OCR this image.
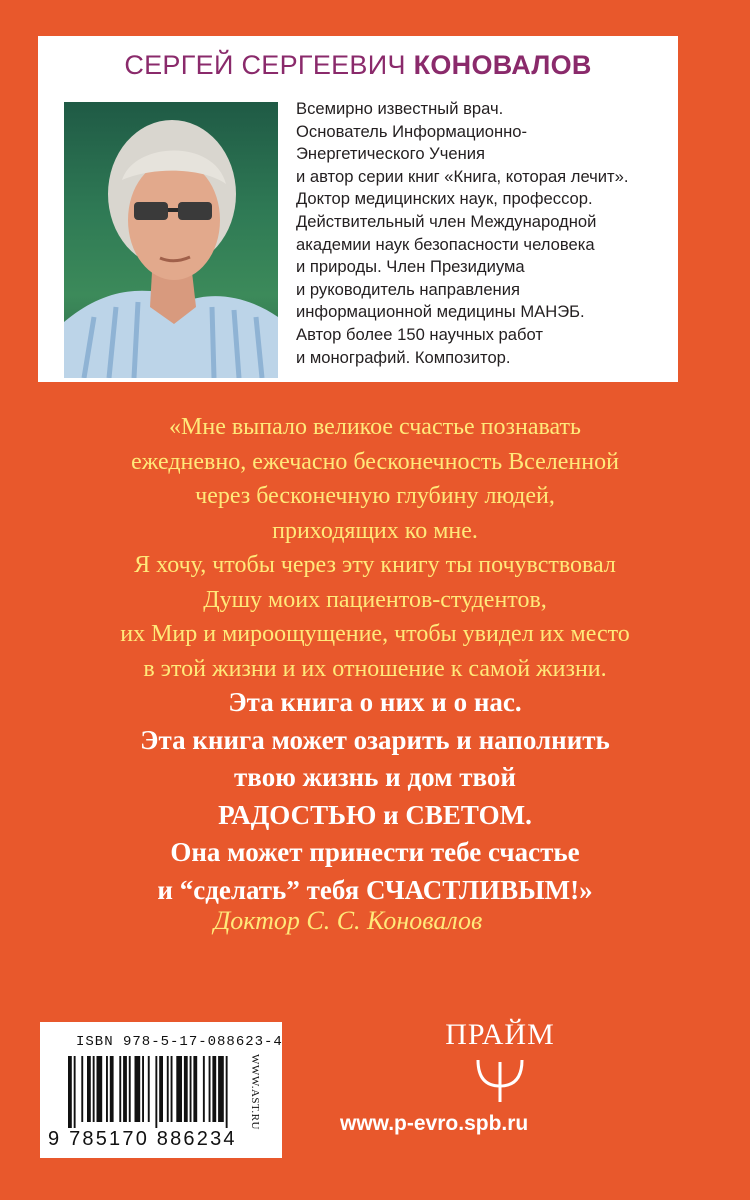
СЕРГЕЙ СЕРГЕЕВИЧ КОНОВАЛОВ
Всемирно известный врач.
Основатель Информационно-
Энергетического Учения
и автор серии книг «Книга, которая лечит».
Доктор медицинских наук, профессор.
Действительный член Международной
академии наук безопасности человека
и природы. Член Президиума
и руководитель направления
информационной медицины МАНЭБ.
Автор более 150 научных работ
и монографий. Композитор.
«Мне выпало великое счастье познавать
ежедневно, ежечасно бесконечность Вселенной
через бесконечную глубину людей,
приходящих ко мне.
Я хочу, чтобы через эту книгу ты почувствовал
Душу моих пациентов-студентов,
их Мир и мироощущение, чтобы увидел их место
в этой жизни и их отношение к самой жизни.
Эта книга о них и о нас.
Эта книга может озарить и наполнить
твою жизнь и дом твой
РАДОСТЬЮ и СВЕТОМ.
Она может принести тебе счастье
и “сделать” тебя СЧАСТЛИВЫМ!»
Доктор С. С. Коновалов
ISBN 978-5-17-088623-4
9 785170 886234
WWW.AST.RU
ПРАЙМ
www.p-evro.spb.ru
